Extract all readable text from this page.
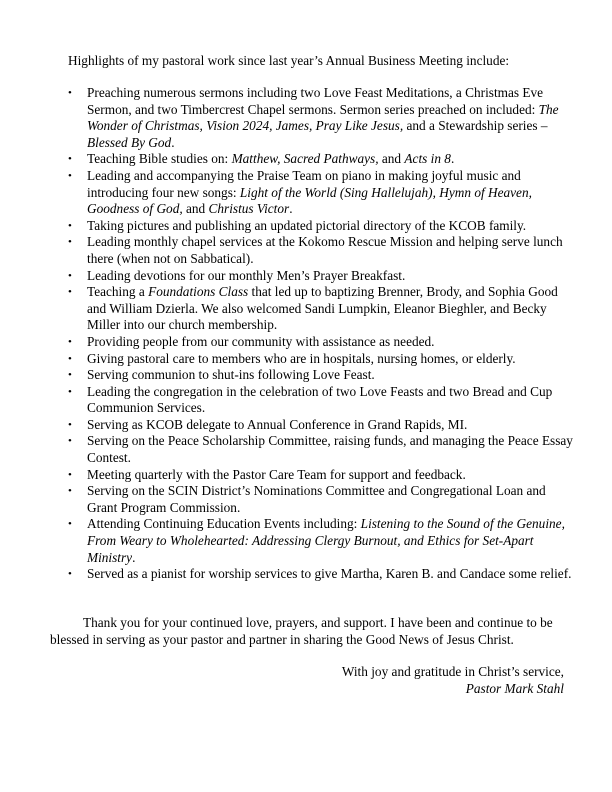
Highlights of my pastoral work since last year’s Annual Business Meeting include:
•	Preaching numerous sermons including two Love Feast Meditations, a Christmas Eve Sermon, and two Timbercrest Chapel sermons. Sermon series preached on included: The Wonder of Christmas, Vision 2024, James, Pray Like Jesus, and a Stewardship series – Blessed By God.
•	Teaching Bible studies on: Matthew, Sacred Pathways, and Acts in 8.
•	Leading and accompanying the Praise Team on piano in making joyful music and introducing four new songs: Light of the World (Sing Hallelujah), Hymn of Heaven, Goodness of God, and Christus Victor.
•	Taking pictures and publishing an updated pictorial directory of the KCOB family.
•	Leading monthly chapel services at the Kokomo Rescue Mission and helping serve lunch there (when not on Sabbatical).
•	Leading devotions for our monthly Men’s Prayer Breakfast.
•	Teaching a Foundations Class that led up to baptizing Brenner, Brody, and Sophia Good and William Dzierla. We also welcomed Sandi Lumpkin, Eleanor Bieghler, and Becky Miller into our church membership.
•	Providing people from our community with assistance as needed.
•	Giving pastoral care to members who are in hospitals, nursing homes, or elderly.
•	Serving communion to shut-ins following Love Feast.
•	Leading the congregation in the celebration of two Love Feasts and two Bread and Cup Communion Services.
•	Serving as KCOB delegate to Annual Conference in Grand Rapids, MI.
•	Serving on the Peace Scholarship Committee, raising funds, and managing the Peace Essay Contest.
•	Meeting quarterly with the Pastor Care Team for support and feedback.
•	Serving on the SCIN District’s Nominations Committee and Congregational Loan and Grant Program Commission.
•	Attending Continuing Education Events including: Listening to the Sound of the Genuine, From Weary to Wholehearted: Addressing Clergy Burnout, and Ethics for Set-Apart Ministry.
•	Served as a pianist for worship services to give Martha, Karen B. and Candace some relief.
Thank you for your continued love, prayers, and support. I have been and continue to be blessed in serving as your pastor and partner in sharing the Good News of Jesus Christ.
With joy and gratitude in Christ’s service,
Pastor Mark Stahl
